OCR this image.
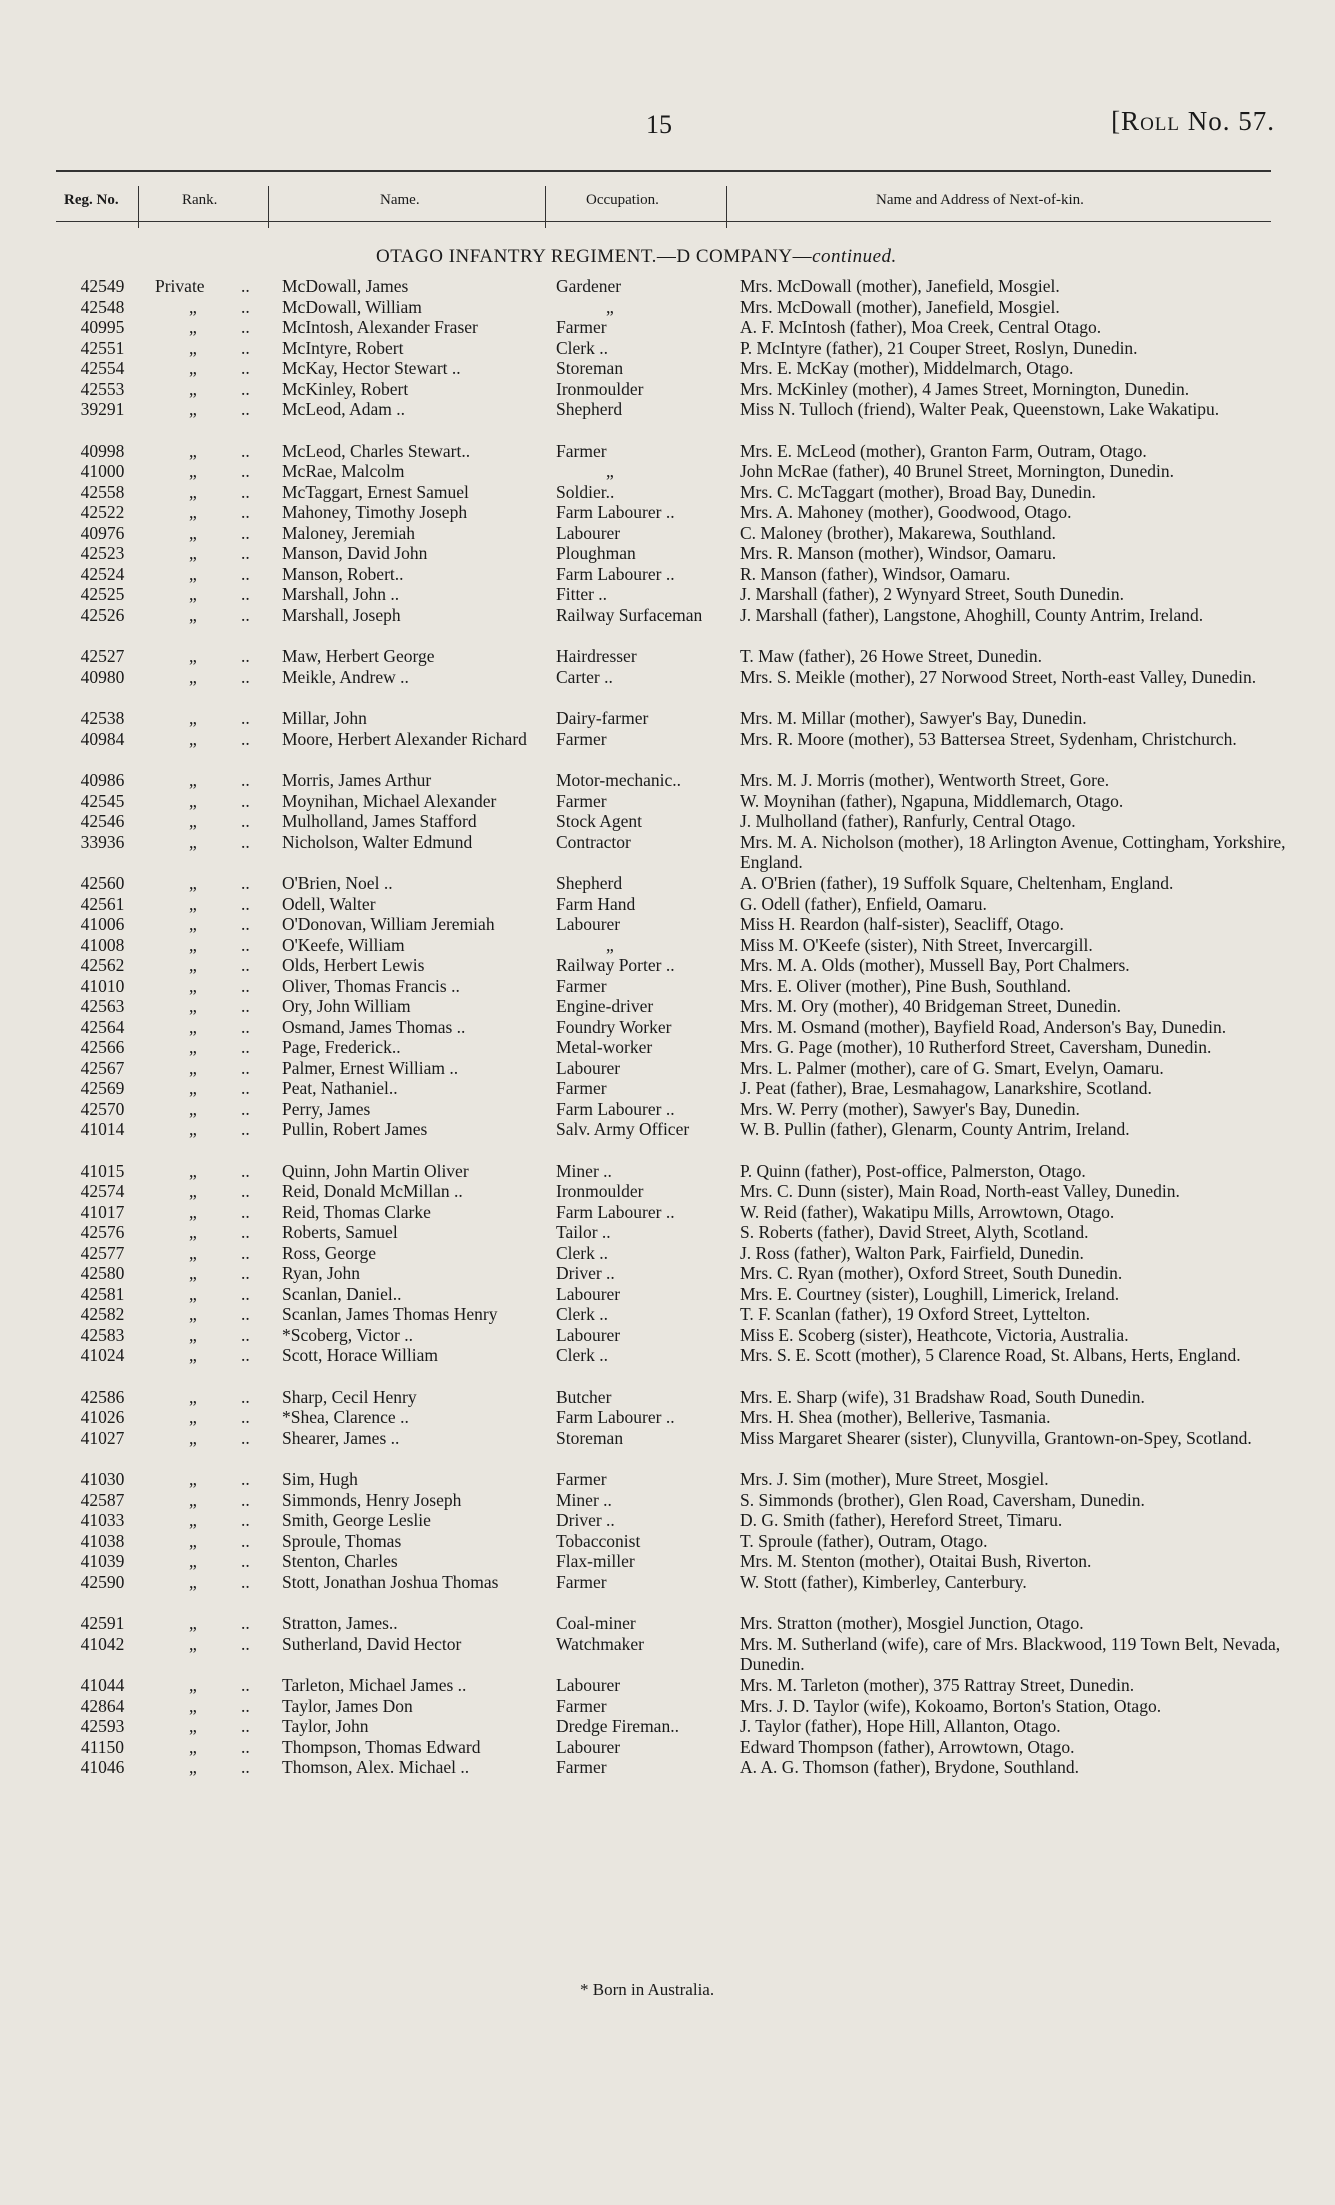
15	[Roll No. 57.
Reg. No.	Rank.	Name.	Occupation.	Name and Address of Next-of-kin.
OTAGO INFANTRY REGIMENT.—D COMPANY—continued.
42549	Private .. McDowall, James	Gardener	Mrs. McDowall (mother), Janefield, Mosgiel.
42548	„	.. McDowall, William	„	Mrs. McDowall (mother), Janefield, Mosgiel.
40995	„	.. McIntosh, Alexander Fraser	Farmer	A. F. McIntosh (father), Moa Creek, Central Otago.
42551	„	.. McIntyre, Robert	Clerk ..	P. McIntyre (father), 21 Couper Street, Roslyn, Dunedin.
42554	„	.. McKay, Hector Stewart ..	Storeman	Mrs. E. McKay (mother), Middelmarch, Otago.
42553	„	.. McKinley, Robert	Ironmoulder	Mrs. McKinley (mother), 4 James Street, Mornington, Dunedin.
39291	„	.. McLeod, Adam ..	Shepherd	Miss N. Tulloch (friend), Walter Peak, Queenstown, Lake Wakatipu.
40998	„	.. McLeod, Charles Stewart..	Farmer	Mrs. E. McLeod (mother), Granton Farm, Outram, Otago.
41000	„	.. McRae, Malcolm	„	John McRae (father), 40 Brunel Street, Mornington, Dunedin.
42558	„	.. McTaggart, Ernest Samuel	Soldier..	Mrs. C. McTaggart (mother), Broad Bay, Dunedin.
42522	„	.. Mahoney, Timothy Joseph	Farm Labourer ..	Mrs. A. Mahoney (mother), Goodwood, Otago.
40976	„	.. Maloney, Jeremiah	Labourer	C. Maloney (brother), Makarewa, Southland.
42523	„	.. Manson, David John	Ploughman	Mrs. R. Manson (mother), Windsor, Oamaru.
42524	„	.. Manson, Robert..	Farm Labourer ..	R. Manson (father), Windsor, Oamaru.
42525	„	.. Marshall, John ..	Fitter ..	J. Marshall (father), 2 Wynyard Street, South Dunedin.
42526	„	.. Marshall, Joseph	Railway Surfaceman	J. Marshall (father), Langstone, Ahoghill, County Antrim, Ireland.
42527	„	.. Maw, Herbert George	Hairdresser	T. Maw (father), 26 Howe Street, Dunedin.
40980	„	.. Meikle, Andrew ..	Carter ..	Mrs. S. Meikle (mother), 27 Norwood Street, North-east Valley, Dunedin.
42538	„	.. Millar, John	Dairy-farmer	Mrs. M. Millar (mother), Sawyer's Bay, Dunedin.
40984	„	.. Moore, Herbert Alexander Richard	Farmer	Mrs. R. Moore (mother), 53 Battersea Street, Sydenham, Christchurch.
40986	„	.. Morris, James Arthur	Motor-mechanic..	Mrs. M. J. Morris (mother), Wentworth Street, Gore.
42545	„	.. Moynihan, Michael Alexander	Farmer	W. Moynihan (father), Ngapuna, Middlemarch, Otago.
42546	„	.. Mulholland, James Stafford	Stock Agent	J. Mulholland (father), Ranfurly, Central Otago.
33936	„	.. Nicholson, Walter Edmund	Contractor	Mrs. M. A. Nicholson (mother), 18 Arlington Avenue, Cottingham, Yorkshire, England.
42560	„	.. O'Brien, Noel ..	Shepherd	A. O'Brien (father), 19 Suffolk Square, Cheltenham, England.
42561	„	.. Odell, Walter	Farm Hand	G. Odell (father), Enfield, Oamaru.
41006	„	.. O'Donovan, William Jeremiah	Labourer	Miss H. Reardon (half-sister), Seacliff, Otago.
41008	„	.. O'Keefe, William	„	Miss M. O'Keefe (sister), Nith Street, Invercargill.
42562	„	.. Olds, Herbert Lewis	Railway Porter ..	Mrs. M. A. Olds (mother), Mussell Bay, Port Chalmers.
41010	„	.. Oliver, Thomas Francis ..	Farmer	Mrs. E. Oliver (mother), Pine Bush, Southland.
42563	„	.. Ory, John William	Engine-driver	Mrs. M. Ory (mother), 40 Bridgeman Street, Dunedin.
42564	„	.. Osmand, James Thomas ..	Foundry Worker	Mrs. M. Osmand (mother), Bayfield Road, Anderson's Bay, Dunedin.
42566	„	.. Page, Frederick..	Metal-worker	Mrs. G. Page (mother), 10 Rutherford Street, Caversham, Dunedin.
42567	„	.. Palmer, Ernest William ..	Labourer	Mrs. L. Palmer (mother), care of G. Smart, Evelyn, Oamaru.
42569	„	.. Peat, Nathaniel..	Farmer	J. Peat (father), Brae, Lesmahagow, Lanarkshire, Scotland.
42570	„	.. Perry, James	Farm Labourer ..	Mrs. W. Perry (mother), Sawyer's Bay, Dunedin.
41014	„	.. Pullin, Robert James	Salv. Army Officer	W. B. Pullin (father), Glenarm, County Antrim, Ireland.
41015	„	.. Quinn, John Martin Oliver	Miner ..	P. Quinn (father), Post-office, Palmerston, Otago.
42574	„	.. Reid, Donald McMillan ..	Ironmoulder	Mrs. C. Dunn (sister), Main Road, North-east Valley, Dunedin.
41017	„	.. Reid, Thomas Clarke	Farm Labourer ..	W. Reid (father), Wakatipu Mills, Arrowtown, Otago.
42576	„	.. Roberts, Samuel	Tailor ..	S. Roberts (father), David Street, Alyth, Scotland.
42577	„	.. Ross, George	Clerk ..	J. Ross (father), Walton Park, Fairfield, Dunedin.
42580	„	.. Ryan, John	Driver ..	Mrs. C. Ryan (mother), Oxford Street, South Dunedin.
42581	„	.. Scanlan, Daniel..	Labourer	Mrs. E. Courtney (sister), Loughill, Limerick, Ireland.
42582	„	.. Scanlan, James Thomas Henry	Clerk ..	T. F. Scanlan (father), 19 Oxford Street, Lyttelton.
42583	„	.. *Scoberg, Victor ..	Labourer	Miss E. Scoberg (sister), Heathcote, Victoria, Australia.
41024	„	.. Scott, Horace William	Clerk ..	Mrs. S. E. Scott (mother), 5 Clarence Road, St. Albans, Herts, England.
42586	„	.. Sharp, Cecil Henry	Butcher	Mrs. E. Sharp (wife), 31 Bradshaw Road, South Dunedin.
41026	„	.. *Shea, Clarence ..	Farm Labourer ..	Mrs. H. Shea (mother), Bellerive, Tasmania.
41027	„	.. Shearer, James ..	Storeman	Miss Margaret Shearer (sister), Clunyvilla, Grantown-on-Spey, Scotland.
41030	„	.. Sim, Hugh	Farmer	Mrs. J. Sim (mother), Mure Street, Mosgiel.
42587	„	.. Simmonds, Henry Joseph	Miner ..	S. Simmonds (brother), Glen Road, Caversham, Dunedin.
41033	„	.. Smith, George Leslie	Driver ..	D. G. Smith (father), Hereford Street, Timaru.
41038	„	.. Sproule, Thomas	Tobacconist	T. Sproule (father), Outram, Otago.
41039	„	.. Stenton, Charles	Flax-miller	Mrs. M. Stenton (mother), Otaitai Bush, Riverton.
42590	„	.. Stott, Jonathan Joshua Thomas	Farmer	W. Stott (father), Kimberley, Canterbury.
42591	„	.. Stratton, James..	Coal-miner	Mrs. Stratton (mother), Mosgiel Junction, Otago.
41042	„	.. Sutherland, David Hector	Watchmaker	Mrs. M. Sutherland (wife), care of Mrs. Blackwood, 119 Town Belt, Nevada, Dunedin.
41044	„	.. Tarleton, Michael James ..	Labourer	Mrs. M. Tarleton (mother), 375 Rattray Street, Dunedin.
42864	„	.. Taylor, James Don	Farmer	Mrs. J. D. Taylor (wife), Kokoamo, Borton's Station, Otago.
42593	„	.. Taylor, John	Dredge Fireman..	J. Taylor (father), Hope Hill, Allanton, Otago.
41150	„	.. Thompson, Thomas Edward	Labourer	Edward Thompson (father), Arrowtown, Otago.
41046	„	.. Thomson, Alex. Michael ..	Farmer	A. A. G. Thomson (father), Brydone, Southland.
* Born in Australia.
